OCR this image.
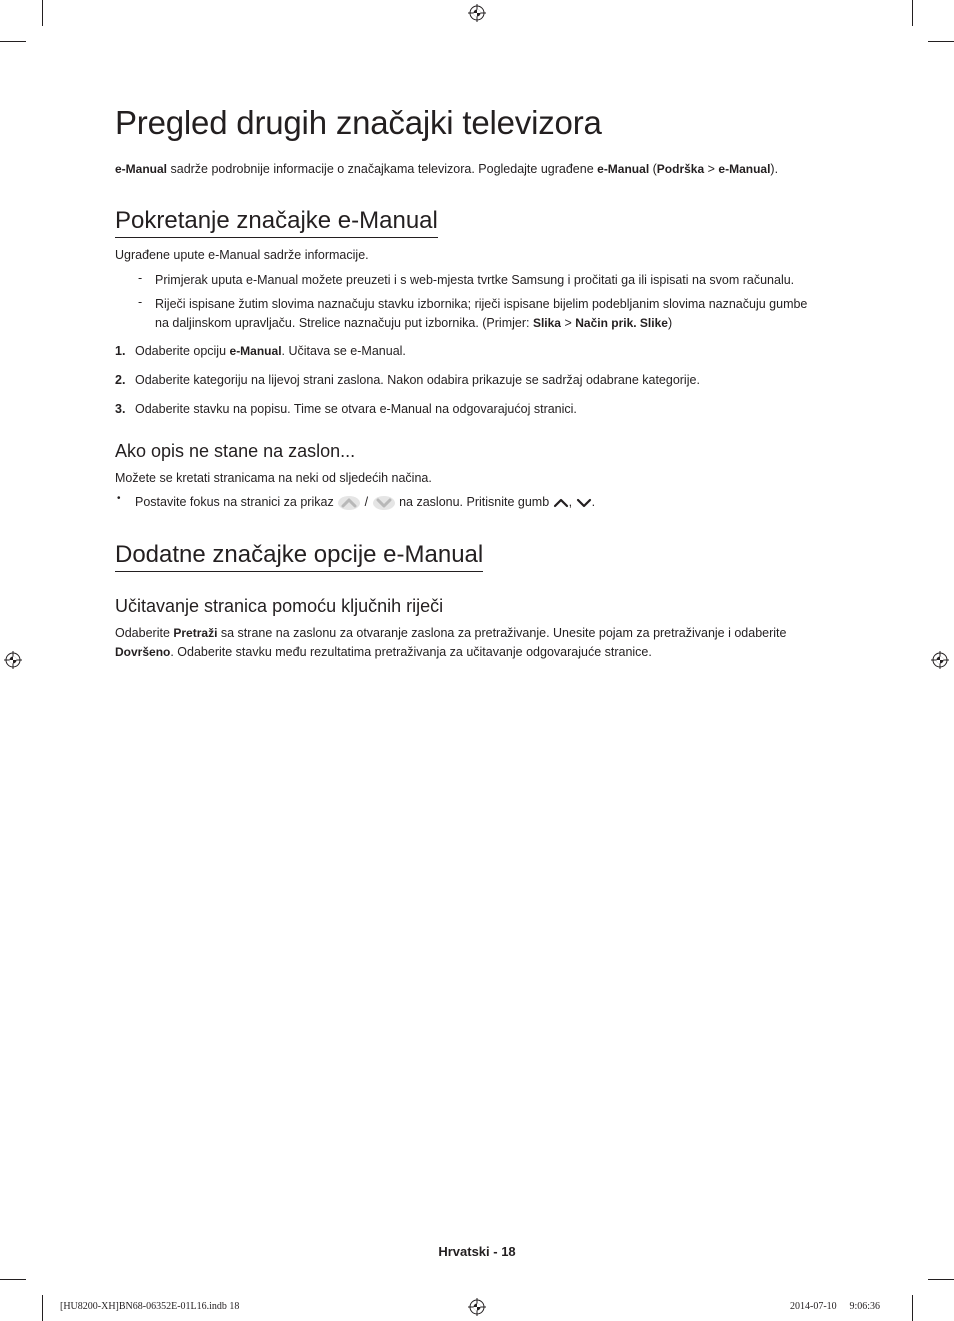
Pregled drugih značajki televizora
e-Manual sadrže podrobnije informacije o značajkama televizora. Pogledajte ugrađene e-Manual (Podrška > e-Manual).
Pokretanje značajke e-Manual
Ugrađene upute e-Manual sadrže informacije.
- Primjerak uputa e-Manual možete preuzeti i s web-mjesta tvrtke Samsung i pročitati ga ili ispisati na svom računalu.
- Riječi ispisane žutim slovima naznačuju stavku izbornika; riječi ispisane bijelim podebljanim slovima naznačuju gumbe
na daljinskom upravljaču. Strelice naznačuju put izbornika. (Primjer: Slika > Način prik. Slike)
1. Odaberite opciju e-Manual. Učitava se e-Manual.
2. Odaberite kategoriju na lijevoj strani zaslona. Nakon odabira prikazuje se sadržaj odabrane kategorije.
3. Odaberite stavku na popisu. Time se otvara e-Manual na odgovarajućoj stranici.
Ako opis ne stane na zaslon...
Možete se kretati stranicama na neki od sljedećih načina.
• Postavite fokus na stranici za prikaz
/
na zaslonu. Pritisnite gumb
,
.
Dodatne značajke opcije e-Manual
Učitavanje stranica pomoću ključnih riječi
Odaberite Pretraži sa strane na zaslonu za otvaranje zaslona za pretraživanje. Unesite pojam za pretraživanje i odaberite
Dovršeno. Odaberite stavku među rezultatima pretraživanja za učitavanje odgovarajuće stranice.
Hrvatski - 18
[HU8200-XH]BN68-06352E-01L16.indb 18	2014-07-10 ￿ 9:06:36
